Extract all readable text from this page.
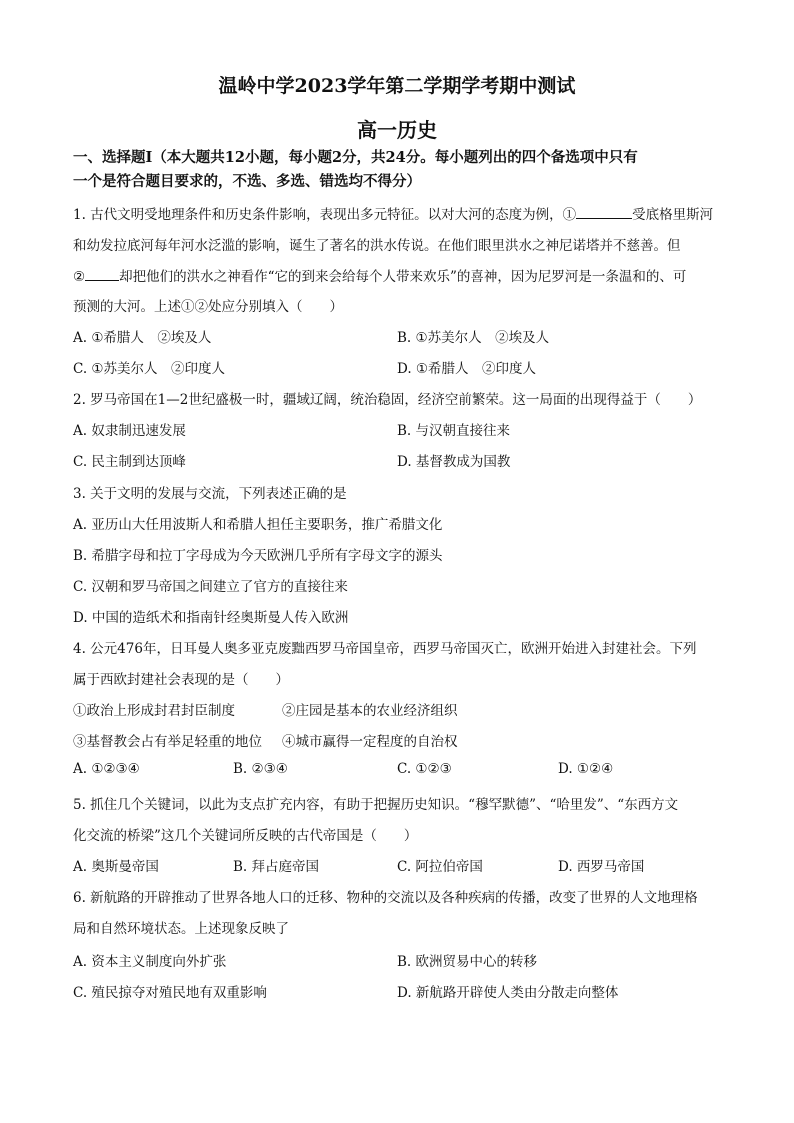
温岭中学2023学年第二学期学考期中测试
高一历史
一、选择题Ⅰ（本大题共12小题，每小题2分，共24分。每小题列出的四个备选项中只有
一个是符合题目要求的，不选、多选、错选均不得分）
1. 古代文明受地理条件和历史条件影响，表现出多元特征。以对大河的态度为例，①	受底格里斯河
和幼发拉底河每年河水泛滥的影响，诞生了著名的洪水传说。在他们眼里洪水之神尼诺塔并不慈善。但
②	却把他们的洪水之神看作“它的到来会给每个人带来欢乐”的喜神，因为尼罗河是一条温和的、可
预测的大河。上述①②处应分别填入（　　）
A. ①希腊人　②埃及人	B. ①苏美尔人　②埃及人
C. ①苏美尔人　②印度人	D. ①希腊人　②印度人
2. 罗马帝国在1—2世纪盛极一时，疆域辽阔，统治稳固，经济空前繁荣。这一局面的出现得益于（　　）
A. 奴隶制迅速发展	B. 与汉朝直接往来
C. 民主制到达顶峰	D. 基督教成为国教
3. 关于文明的发展与交流，下列表述正确的是
A. 亚历山大任用波斯人和希腊人担任主要职务，推广希腊文化
B. 希腊字母和拉丁字母成为今天欧洲几乎所有字母文字的源头
C. 汉朝和罗马帝国之间建立了官方的直接往来
D. 中国的造纸术和指南针经奥斯曼人传入欧洲
4. 公元476年，日耳曼人奥多亚克废黜西罗马帝国皇帝，西罗马帝国灭亡，欧洲开始进入封建社会。下列
属于西欧封建社会表现的是（　　）
①政治上形成封君封臣制度	②庄园是基本的农业经济组织
③基督教会占有举足轻重的地位 ④城市赢得一定程度的自治权
A. ①②③④	B. ②③④	C. ①②③	D. ①②④
5. 抓住几个关键词，以此为支点扩充内容，有助于把握历史知识。“穆罕默德”、“哈里发”、“东西方文
化交流的桥梁”这几个关键词所反映的古代帝国是（　　）
A. 奥斯曼帝国	B. 拜占庭帝国	C. 阿拉伯帝国	D. 西罗马帝国
6. 新航路的开辟推动了世界各地人口的迁移、物种的交流以及各种疾病的传播，改变了世界的人文地理格
局和自然环境状态。上述现象反映了
A. 资本主义制度向外扩张	B. 欧洲贸易中心的转移
C. 殖民掠夺对殖民地有双重影响	D. 新航路开辟使人类由分散走向整体
